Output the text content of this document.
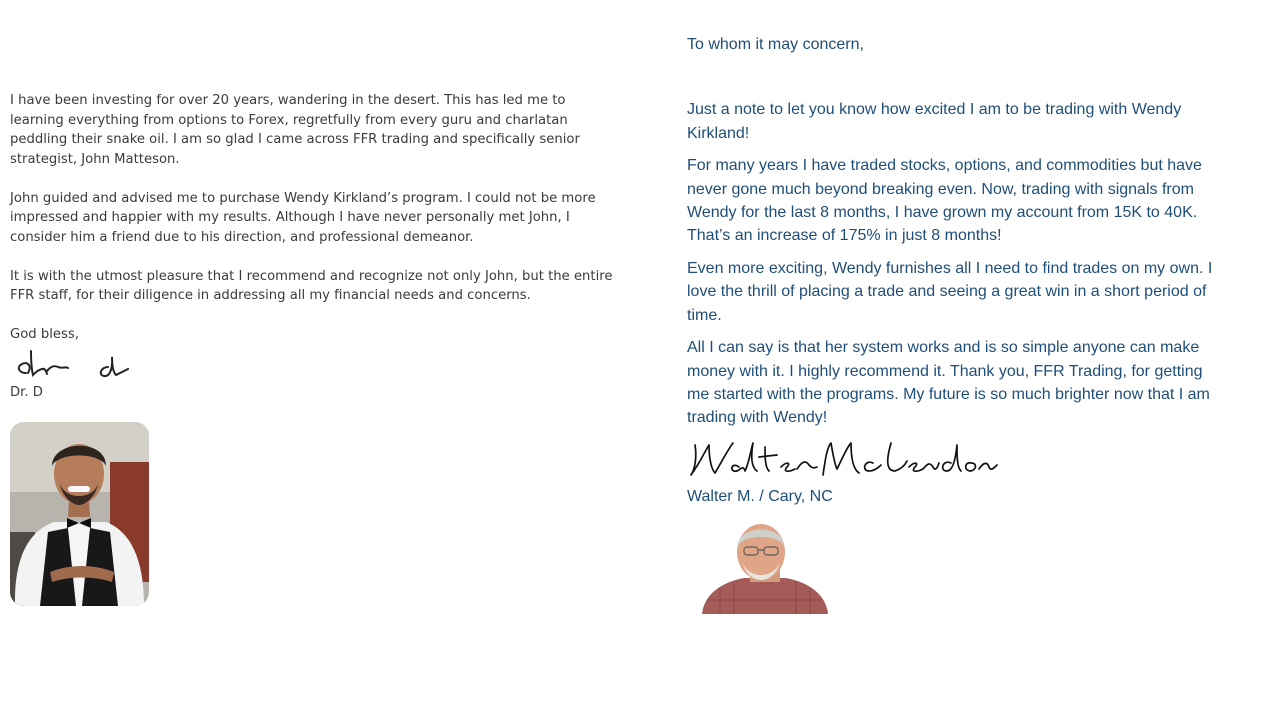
I have been investing for over 20 years, wandering in the desert. This has led me to learning everything from options to Forex, regretfully from every guru and charlatan peddling their snake oil. I am so glad I came across FFR trading and specifically senior strategist, John Matteson.

John guided and advised me to purchase Wendy Kirkland’s program. I could not be more impressed and happier with my results. Although I have never personally met John, I consider him a friend due to his direction, and professional demeanor.

It is with the utmost pleasure that I recommend and recognize not only John, but the entire FFR staff, for their diligence in addressing all my financial needs and concerns.

God bless,

Dr. D

To whom it may concern,

Just a note to let you know how excited I am to be trading with Wendy Kirkland!

For many years I have traded stocks, options, and commodities but have never gone much beyond breaking even. Now, trading with signals from Wendy for the last 8 months, I have grown my account from 15K to 40K. That’s an increase of 175% in just 8 months!

Even more exciting, Wendy furnishes all I need to find trades on my own. I love the thrill of placing a trade and seeing a great win in a short period of time.

All I can say is that her system works and is so simple anyone can make money with it. I highly recommend it. Thank you, FFR Trading, for getting me started with the programs. My future is so much brighter now that I am trading with Wendy!

Walter M. / Cary, NC
